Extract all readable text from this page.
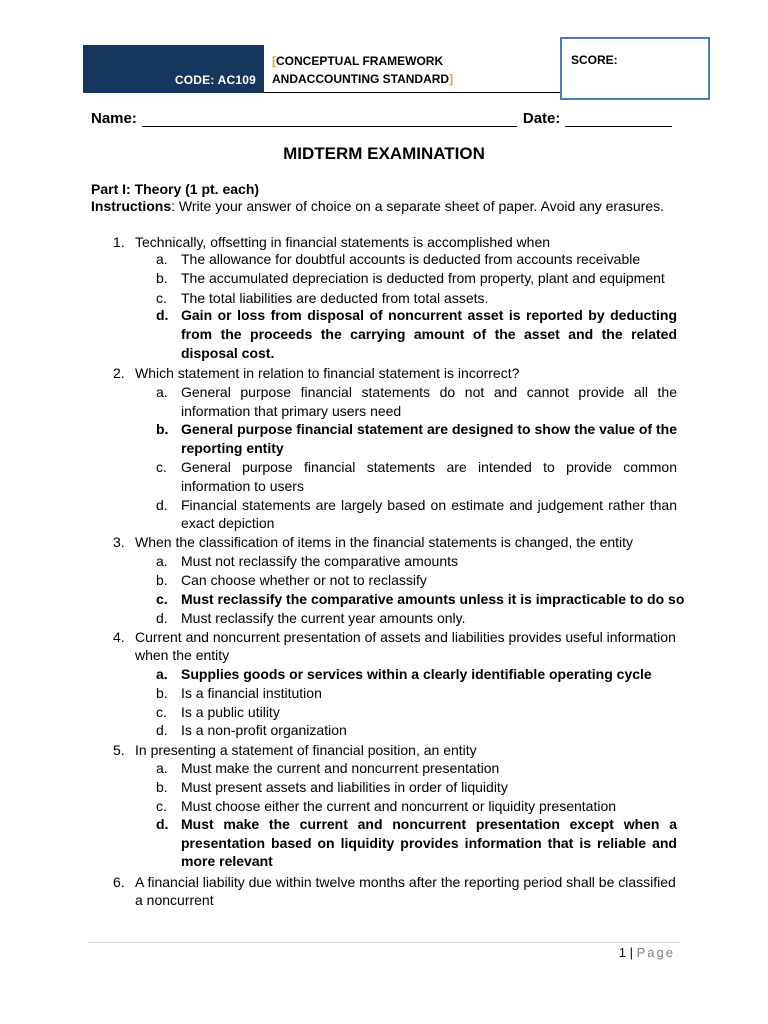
CODE: AC109
[CONCEPTUAL FRAMEWORK
ANDACCOUNTING STANDARD]
SCORE:
Name:	Date:
MIDTERM EXAMINATION
Part I: Theory (1 pt. each)
Instructions: Write your answer of choice on a separate sheet of paper. Avoid any erasures.
1. Technically, offsetting in financial statements is accomplished when
a. The allowance for doubtful accounts is deducted from accounts receivable
b. The accumulated depreciation is deducted from property, plant and equipment
c. The total liabilities are deducted from total assets.
d. Gain or loss from disposal of noncurrent asset is reported by deducting
from the proceeds the carrying amount of the asset and the related
disposal cost.
2. Which statement in relation to financial statement is incorrect?
a. General purpose financial statements do not and cannot provide all the
information that primary users need
b. General purpose financial statement are designed to show the value of the
reporting entity
c. General purpose financial statements are intended to provide common
information to users
d. Financial statements are largely based on estimate and judgement rather than
exact depiction
3. When the classification of items in the financial statements is changed, the entity
a. Must not reclassify the comparative amounts
b. Can choose whether or not to reclassify
c. Must reclassify the comparative amounts unless it is impracticable to do so
d. Must reclassify the current year amounts only.
4. Current and noncurrent presentation of assets and liabilities provides useful information
when the entity
a. Supplies goods or services within a clearly identifiable operating cycle
b. Is a financial institution
c. Is a public utility
d. Is a non-profit organization
5. In presenting a statement of financial position, an entity
a. Must make the current and noncurrent presentation
b. Must present assets and liabilities in order of liquidity
c. Must choose either the current and noncurrent or liquidity presentation
d. Must make the current and noncurrent presentation except when a
presentation based on liquidity provides information that is reliable and
more relevant
6. A financial liability due within twelve months after the reporting period shall be classified
a noncurrent
1 | Page
